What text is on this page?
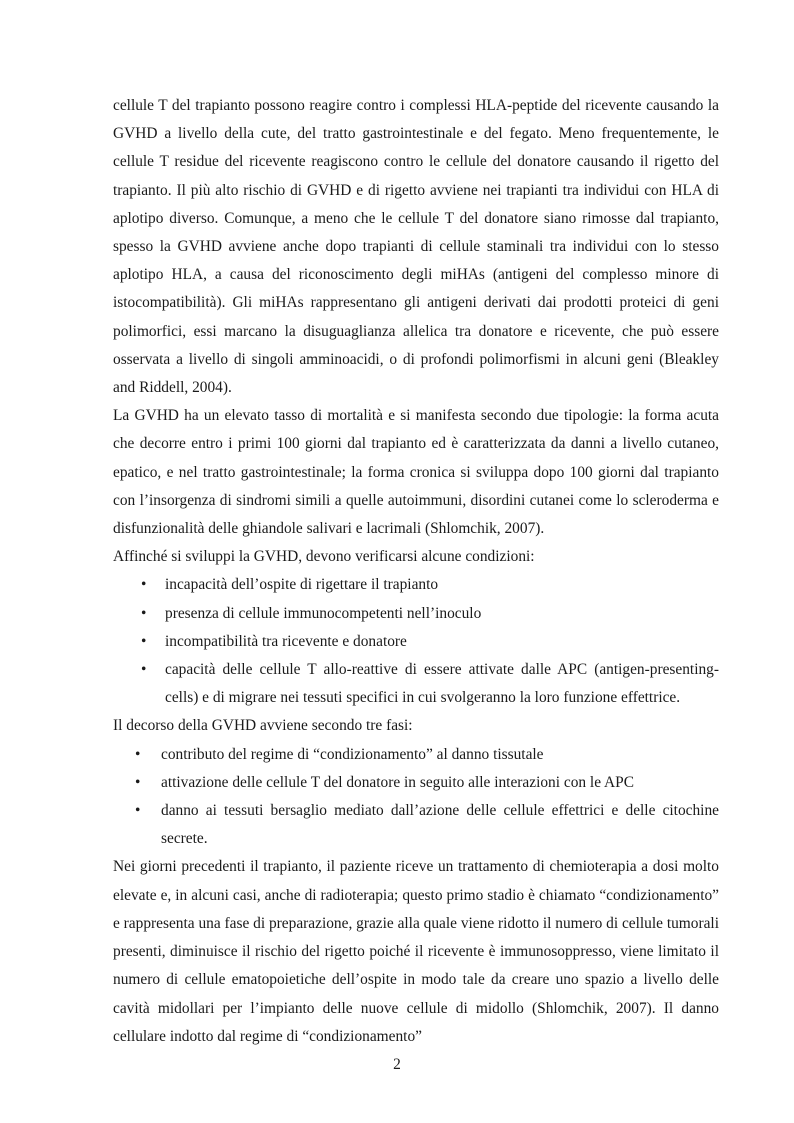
cellule T del trapianto possono reagire contro i complessi HLA-peptide del ricevente causando la GVHD a livello della cute, del tratto gastrointestinale e del fegato. Meno frequentemente, le cellule T residue del ricevente reagiscono contro le cellule del donatore causando il rigetto del trapianto. Il più alto rischio di GVHD e di rigetto avviene nei trapianti tra individui con HLA di aplotipo diverso. Comunque, a meno che le cellule T del donatore siano rimosse dal trapianto, spesso la GVHD avviene anche dopo trapianti di cellule staminali tra individui con lo stesso aplotipo HLA, a causa del riconoscimento degli miHAs (antigeni del complesso minore di istocompatibilità). Gli miHAs rappresentano gli antigeni derivati dai prodotti proteici di geni polimorfici, essi marcano la disuguaglianza allelica tra donatore e ricevente, che può essere osservata a livello di singoli amminoacidi, o di profondi polimorfismi in alcuni geni (Bleakley and Riddell, 2004).

La GVHD ha un elevato tasso di mortalità e si manifesta secondo due tipologie: la forma acuta che decorre entro i primi 100 giorni dal trapianto ed è caratterizzata da danni a livello cutaneo, epatico, e nel tratto gastrointestinale; la forma cronica si sviluppa dopo 100 giorni dal trapianto con l’insorgenza di sindromi simili a quelle autoimmuni, disordini cutanei come lo scleroderma e disfunzionalità delle ghiandole salivari e lacrimali (Shlomchik, 2007).

Affinché si sviluppi la GVHD, devono verificarsi alcune condizioni:

• incapacità dell’ospite di rigettare il trapianto
• presenza di cellule immunocompetenti nell’inoculo
• incompatibilità tra ricevente e donatore
• capacità delle cellule T allo-reattive di essere attivate dalle APC (antigen-presenting-cells) e di migrare nei tessuti specifici in cui svolgeranno la loro funzione effettrice.

Il decorso della GVHD avviene secondo tre fasi:

• contributo del regime di “condizionamento” al danno tissutale
• attivazione delle cellule T del donatore in seguito alle interazioni con le APC
• danno ai tessuti bersaglio mediato dall’azione delle cellule effettrici e delle citochine secrete.

Nei giorni precedenti il trapianto, il paziente riceve un trattamento di chemioterapia a dosi molto elevate e, in alcuni casi, anche di radioterapia; questo primo stadio è chiamato “condizionamento” e rappresenta una fase di preparazione, grazie alla quale viene ridotto il numero di cellule tumorali presenti, diminuisce il rischio del rigetto poiché il ricevente è immunosoppresso, viene limitato il numero di cellule ematopoietiche dell’ospite in modo tale da creare uno spazio a livello delle cavità midollari per l’impianto delle nuove cellule di midollo (Shlomchik, 2007). Il danno cellulare indotto dal regime di “condizionamento”

2
